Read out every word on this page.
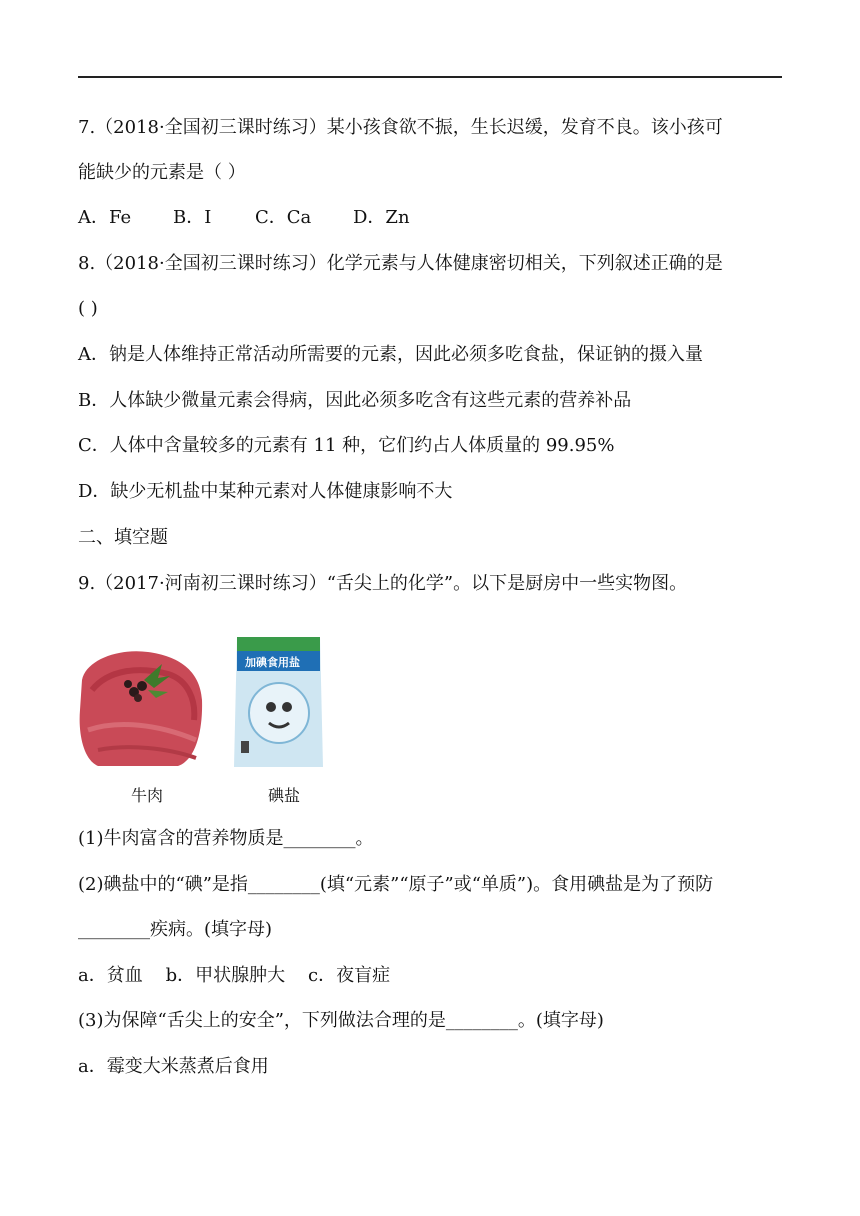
7.（2018·全国初三课时练习）某小孩食欲不振，生长迟缓，发育不良。该小孩可
能缺少的元素是（ ）
A．Fe B．I C．Ca D．Zn
8.（2018·全国初三课时练习）化学元素与人体健康密切相关，下列叙述正确的是
( )
A．钠是人体维持正常活动所需要的元素，因此必须多吃食盐，保证钠的摄入量
B．人体缺少微量元素会得病，因此必须多吃含有这些元素的营养补品
C．人体中含量较多的元素有 11 种，它们约占人体质量的 99.95%
D．缺少无机盐中某种元素对人体健康影响不大
二、填空题
9.（2017·河南初三课时练习）“舌尖上的化学”。以下是厨房中一些实物图。
牛肉
加碘食用盐
碘盐
(1)牛肉富含的营养物质是________。
(2)碘盐中的“碘”是指________(填“元素”“原子”或“单质”)。食用碘盐是为了预防
________疾病。(填字母)
a．贫血    b．甲状腺肿大    c．夜盲症
(3)为保障“舌尖上的安全”，下列做法合理的是________。(填字母)
a．霉变大米蒸煮后食用
